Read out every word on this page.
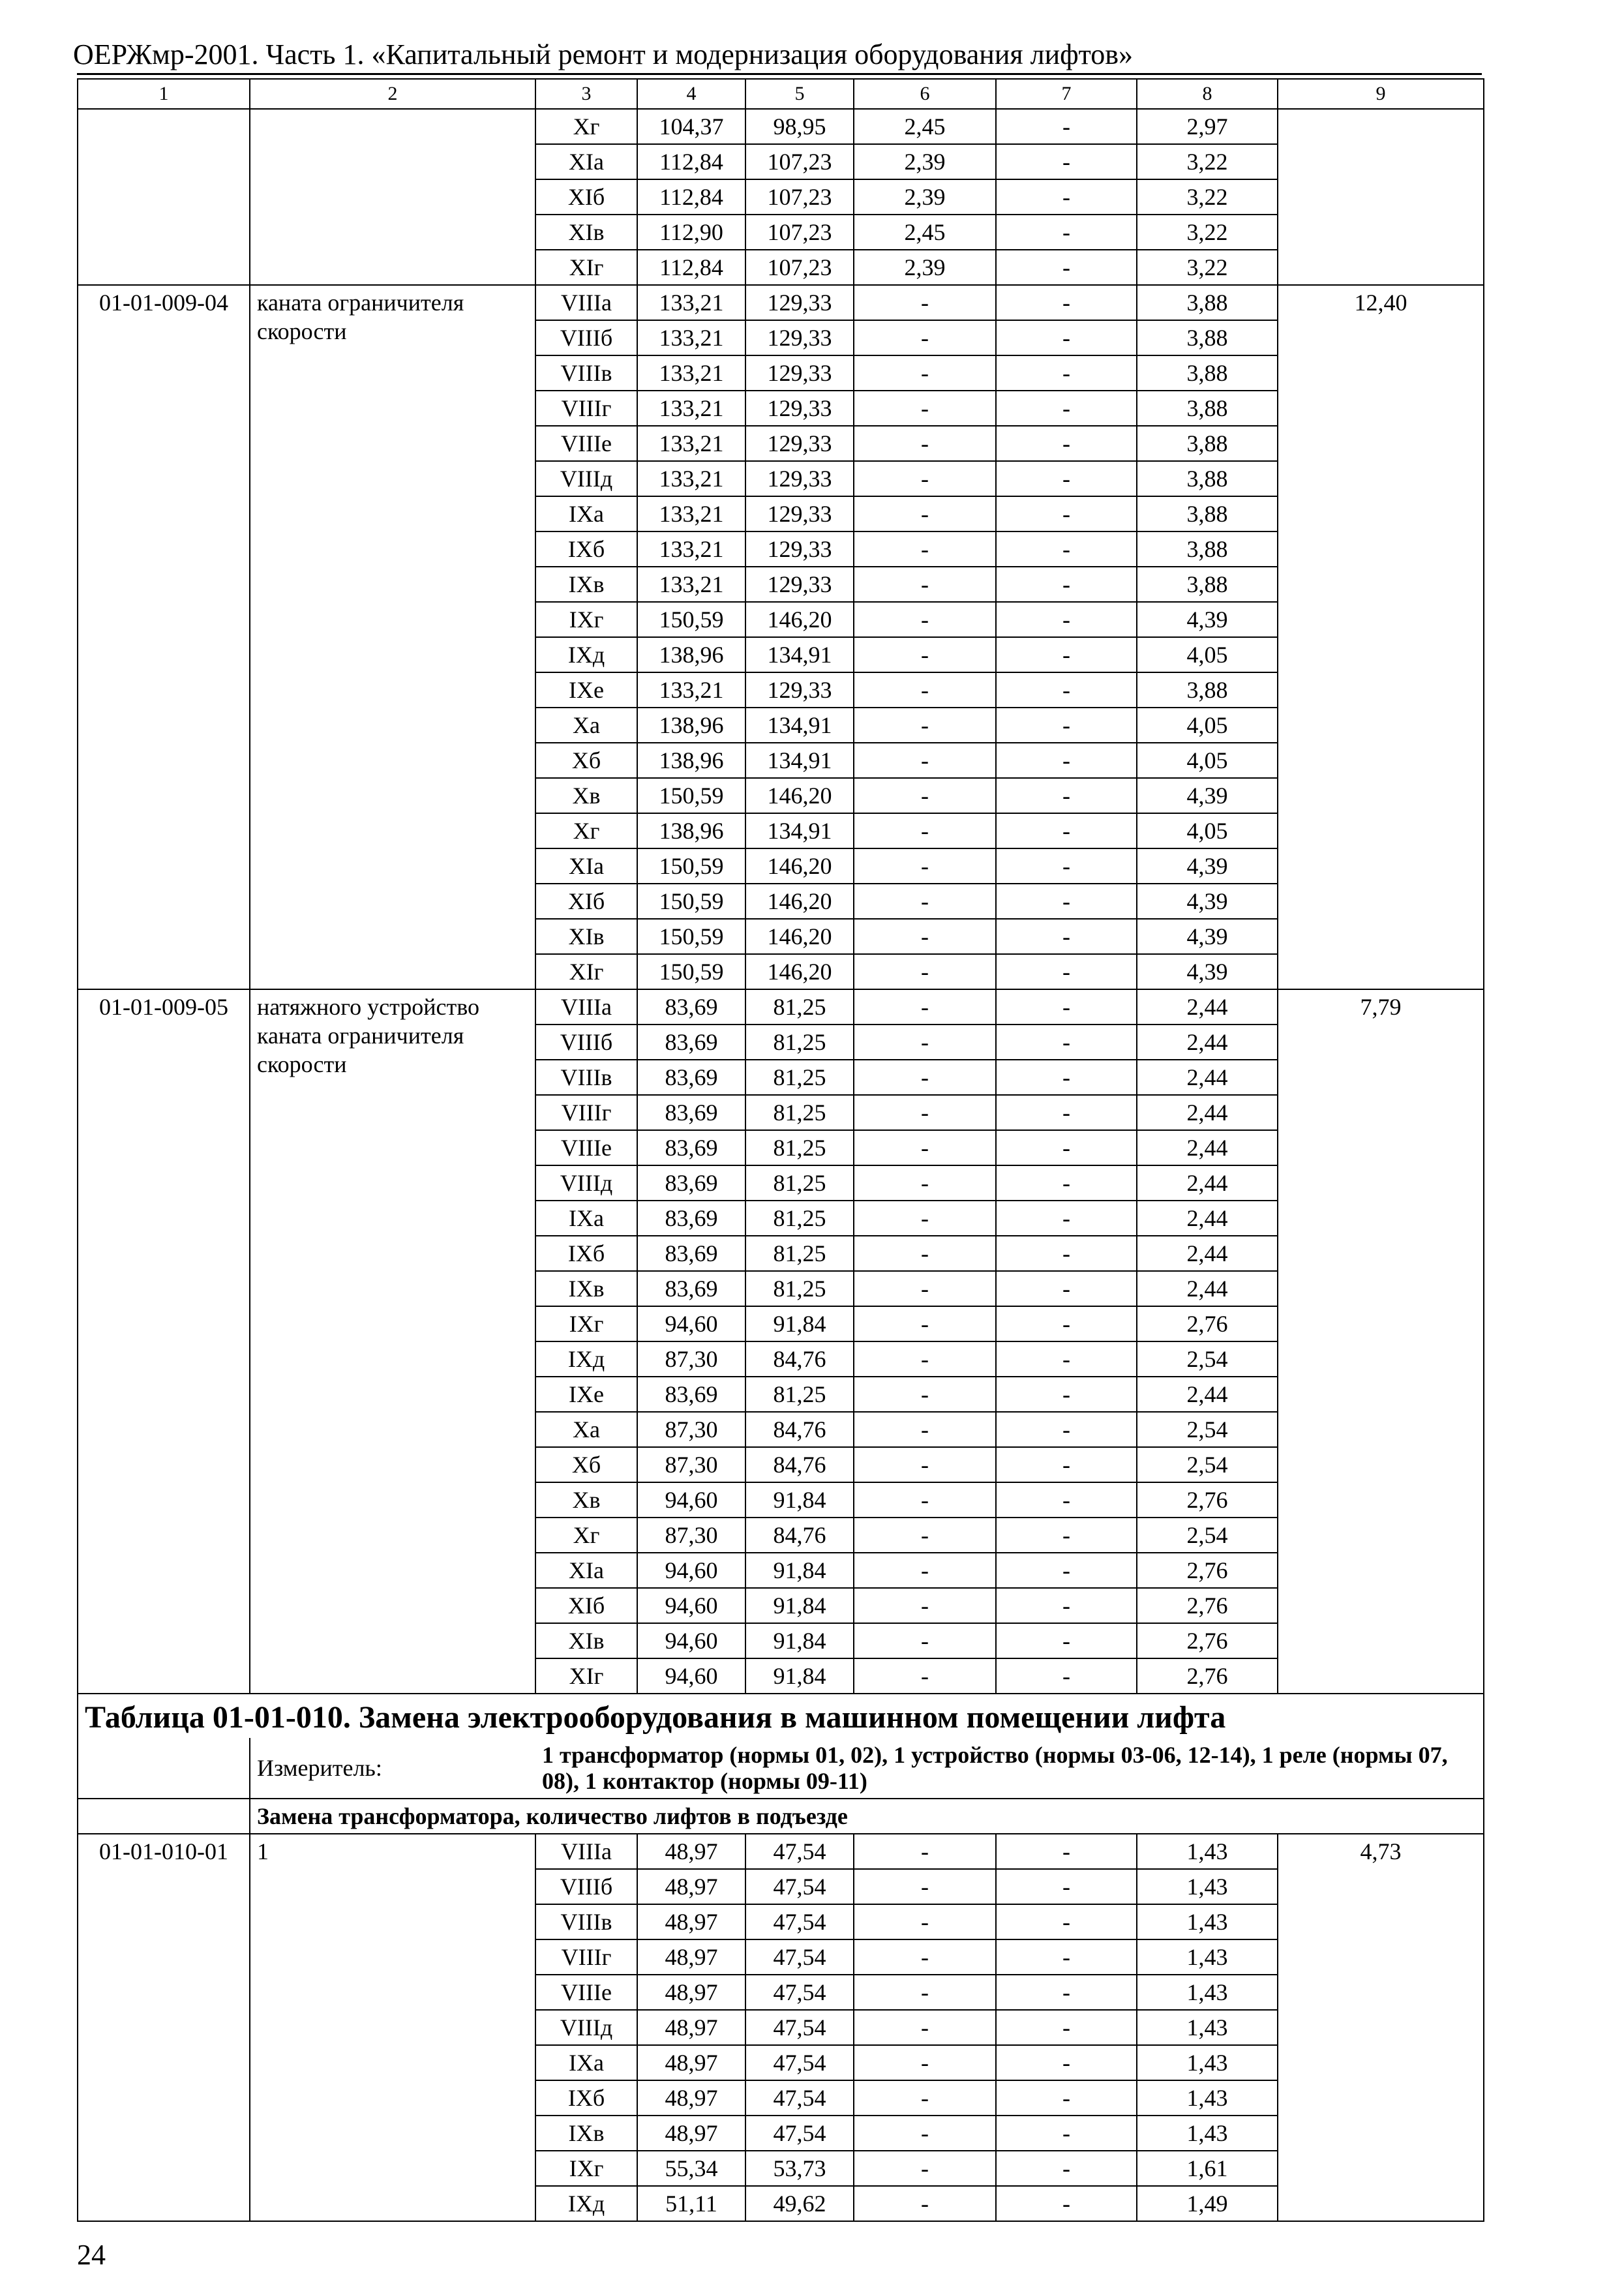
ОЕРЖмр-2001. Часть 1. «Капитальный ремонт и модернизация оборудования лифтов»
1	2	3	4	5	6	7	8	9
		Xг	104,37	98,95	2,45	-	2,97	
		XIа	112,84	107,23	2,39	-	3,22	
		XIб	112,84	107,23	2,39	-	3,22	
		XIв	112,90	107,23	2,45	-	3,22	
		XIг	112,84	107,23	2,39	-	3,22	
01-01-009-04	каната ограничителя скорости	VIIIа	133,21	129,33	-	-	3,88	12,40
		VIIIб	133,21	129,33	-	-	3,88	
		VIIIв	133,21	129,33	-	-	3,88	
		VIIIг	133,21	129,33	-	-	3,88	
		VIIIе	133,21	129,33	-	-	3,88	
		VIIIд	133,21	129,33	-	-	3,88	
		IXа	133,21	129,33	-	-	3,88	
		IXб	133,21	129,33	-	-	3,88	
		IXв	133,21	129,33	-	-	3,88	
		IXг	150,59	146,20	-	-	4,39	
		IXд	138,96	134,91	-	-	4,05	
		IXе	133,21	129,33	-	-	3,88	
		Xа	138,96	134,91	-	-	4,05	
		Xб	138,96	134,91	-	-	4,05	
		Xв	150,59	146,20	-	-	4,39	
		Xг	138,96	134,91	-	-	4,05	
		XIа	150,59	146,20	-	-	4,39	
		XIб	150,59	146,20	-	-	4,39	
		XIв	150,59	146,20	-	-	4,39	
		XIг	150,59	146,20	-	-	4,39	
01-01-009-05	натяжного устройство каната ограничителя скорости	VIIIа	83,69	81,25	-	-	2,44	7,79
		VIIIб	83,69	81,25	-	-	2,44	
		VIIIв	83,69	81,25	-	-	2,44	
		VIIIг	83,69	81,25	-	-	2,44	
		VIIIе	83,69	81,25	-	-	2,44	
		VIIIд	83,69	81,25	-	-	2,44	
		IXа	83,69	81,25	-	-	2,44	
		IXб	83,69	81,25	-	-	2,44	
		IXв	83,69	81,25	-	-	2,44	
		IXг	94,60	91,84	-	-	2,76	
		IXд	87,30	84,76	-	-	2,54	
		IXе	83,69	81,25	-	-	2,44	
		Xа	87,30	84,76	-	-	2,54	
		Xб	87,30	84,76	-	-	2,54	
		Xв	94,60	91,84	-	-	2,76	
		Xг	87,30	84,76	-	-	2,54	
		XIа	94,60	91,84	-	-	2,76	
		XIб	94,60	91,84	-	-	2,76	
		XIв	94,60	91,84	-	-	2,76	
		XIг	94,60	91,84	-	-	2,76	
Таблица 01-01-010. Замена электрооборудования в машинном помещении лифта								
	Измеритель:	1 трансформатор (нормы 01, 02), 1 устройство (нормы 03-06, 12-14), 1 реле (нормы 07, 08), 1 контактор (нормы 09-11)						
	Замена трансформатора, количество лифтов в подъезде							
01-01-010-01	1	VIIIа	48,97	47,54	-	-	1,43	4,73
		VIIIб	48,97	47,54	-	-	1,43	
		VIIIв	48,97	47,54	-	-	1,43	
		VIIIг	48,97	47,54	-	-	1,43	
		VIIIе	48,97	47,54	-	-	1,43	
		VIIIд	48,97	47,54	-	-	1,43	
		IXа	48,97	47,54	-	-	1,43	
		IXб	48,97	47,54	-	-	1,43	
		IXв	48,97	47,54	-	-	1,43	
		IXг	55,34	53,73	-	-	1,61	
		IXд	51,11	49,62	-	-	1,49	
24
